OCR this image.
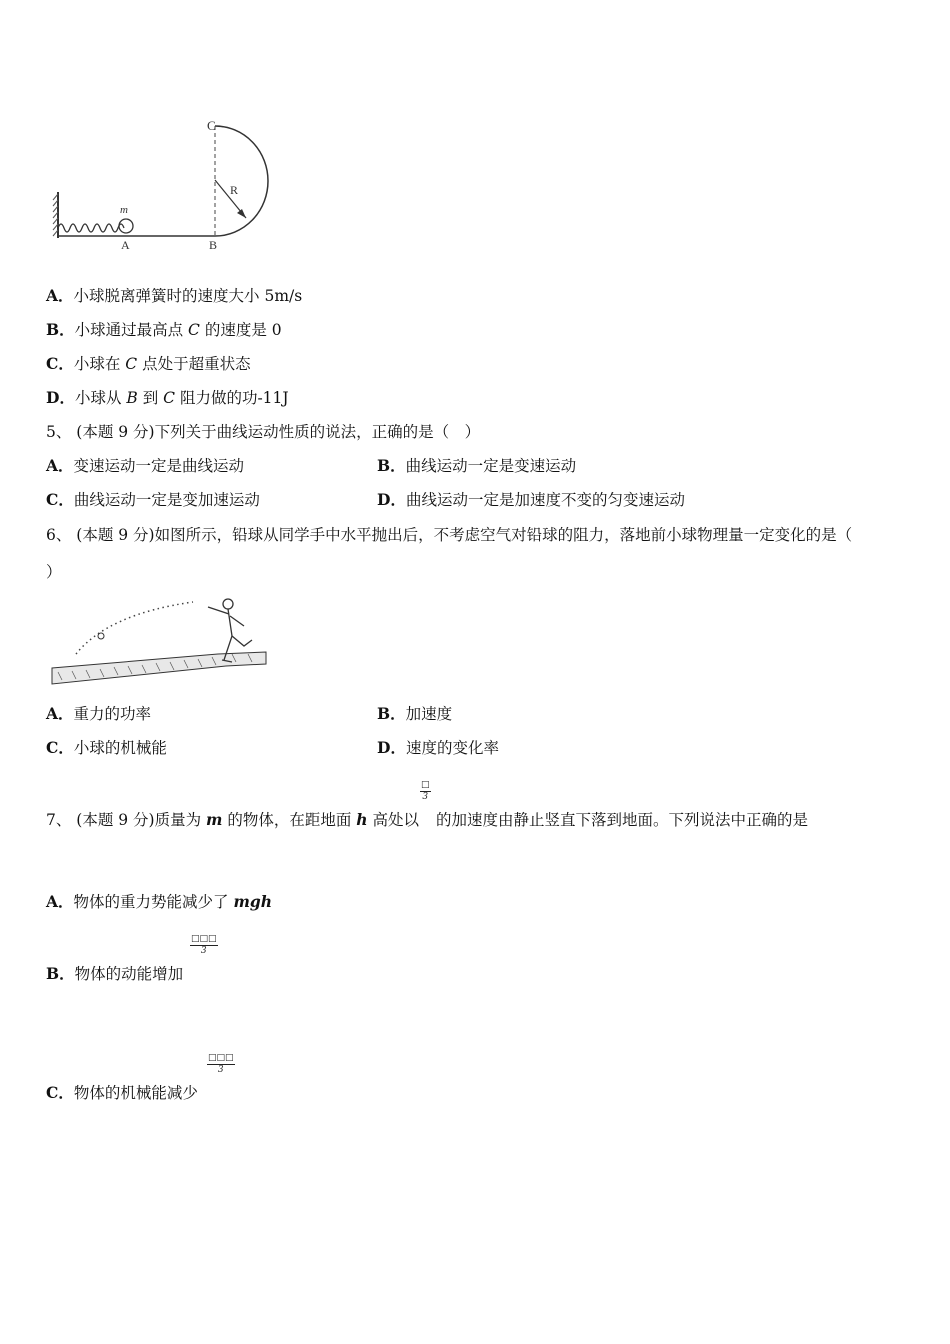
C
R
m
A	B
A．小球脱离弹簧时的速度大小 5m/s
B．小球通过最高点 C 的速度是 0
C．小球在 C 点处于超重状态
D．小球从 B 到 C 阻力做的功-11J
5、 (本题 9 分)下列关于曲线运动性质的说法，正确的是（　）
A．变速运动一定是曲线运动	B．曲线运动一定是变速运动
C．曲线运动一定是变加速运动	D．曲线运动一定是加速度不变的匀变速运动
6、 (本题 9 分)如图所示，铅球从同学手中水平抛出后，不考虑空气对铅球的阻力，落地前小球物理量一定变化的是（
）
A．重力的功率	B．加速度
C．小球的机械能	D．速度的变化率
□
3
7、 (本题 9 分)质量为 m 的物体，在距地面 h 高处以 的加速度由静止竖直下落到地面。下列说法中正确的是
A．物体的重力势能减少了 mgh
□□□
3
B．物体的动能增加
□□□
3
C．物体的机械能减少
